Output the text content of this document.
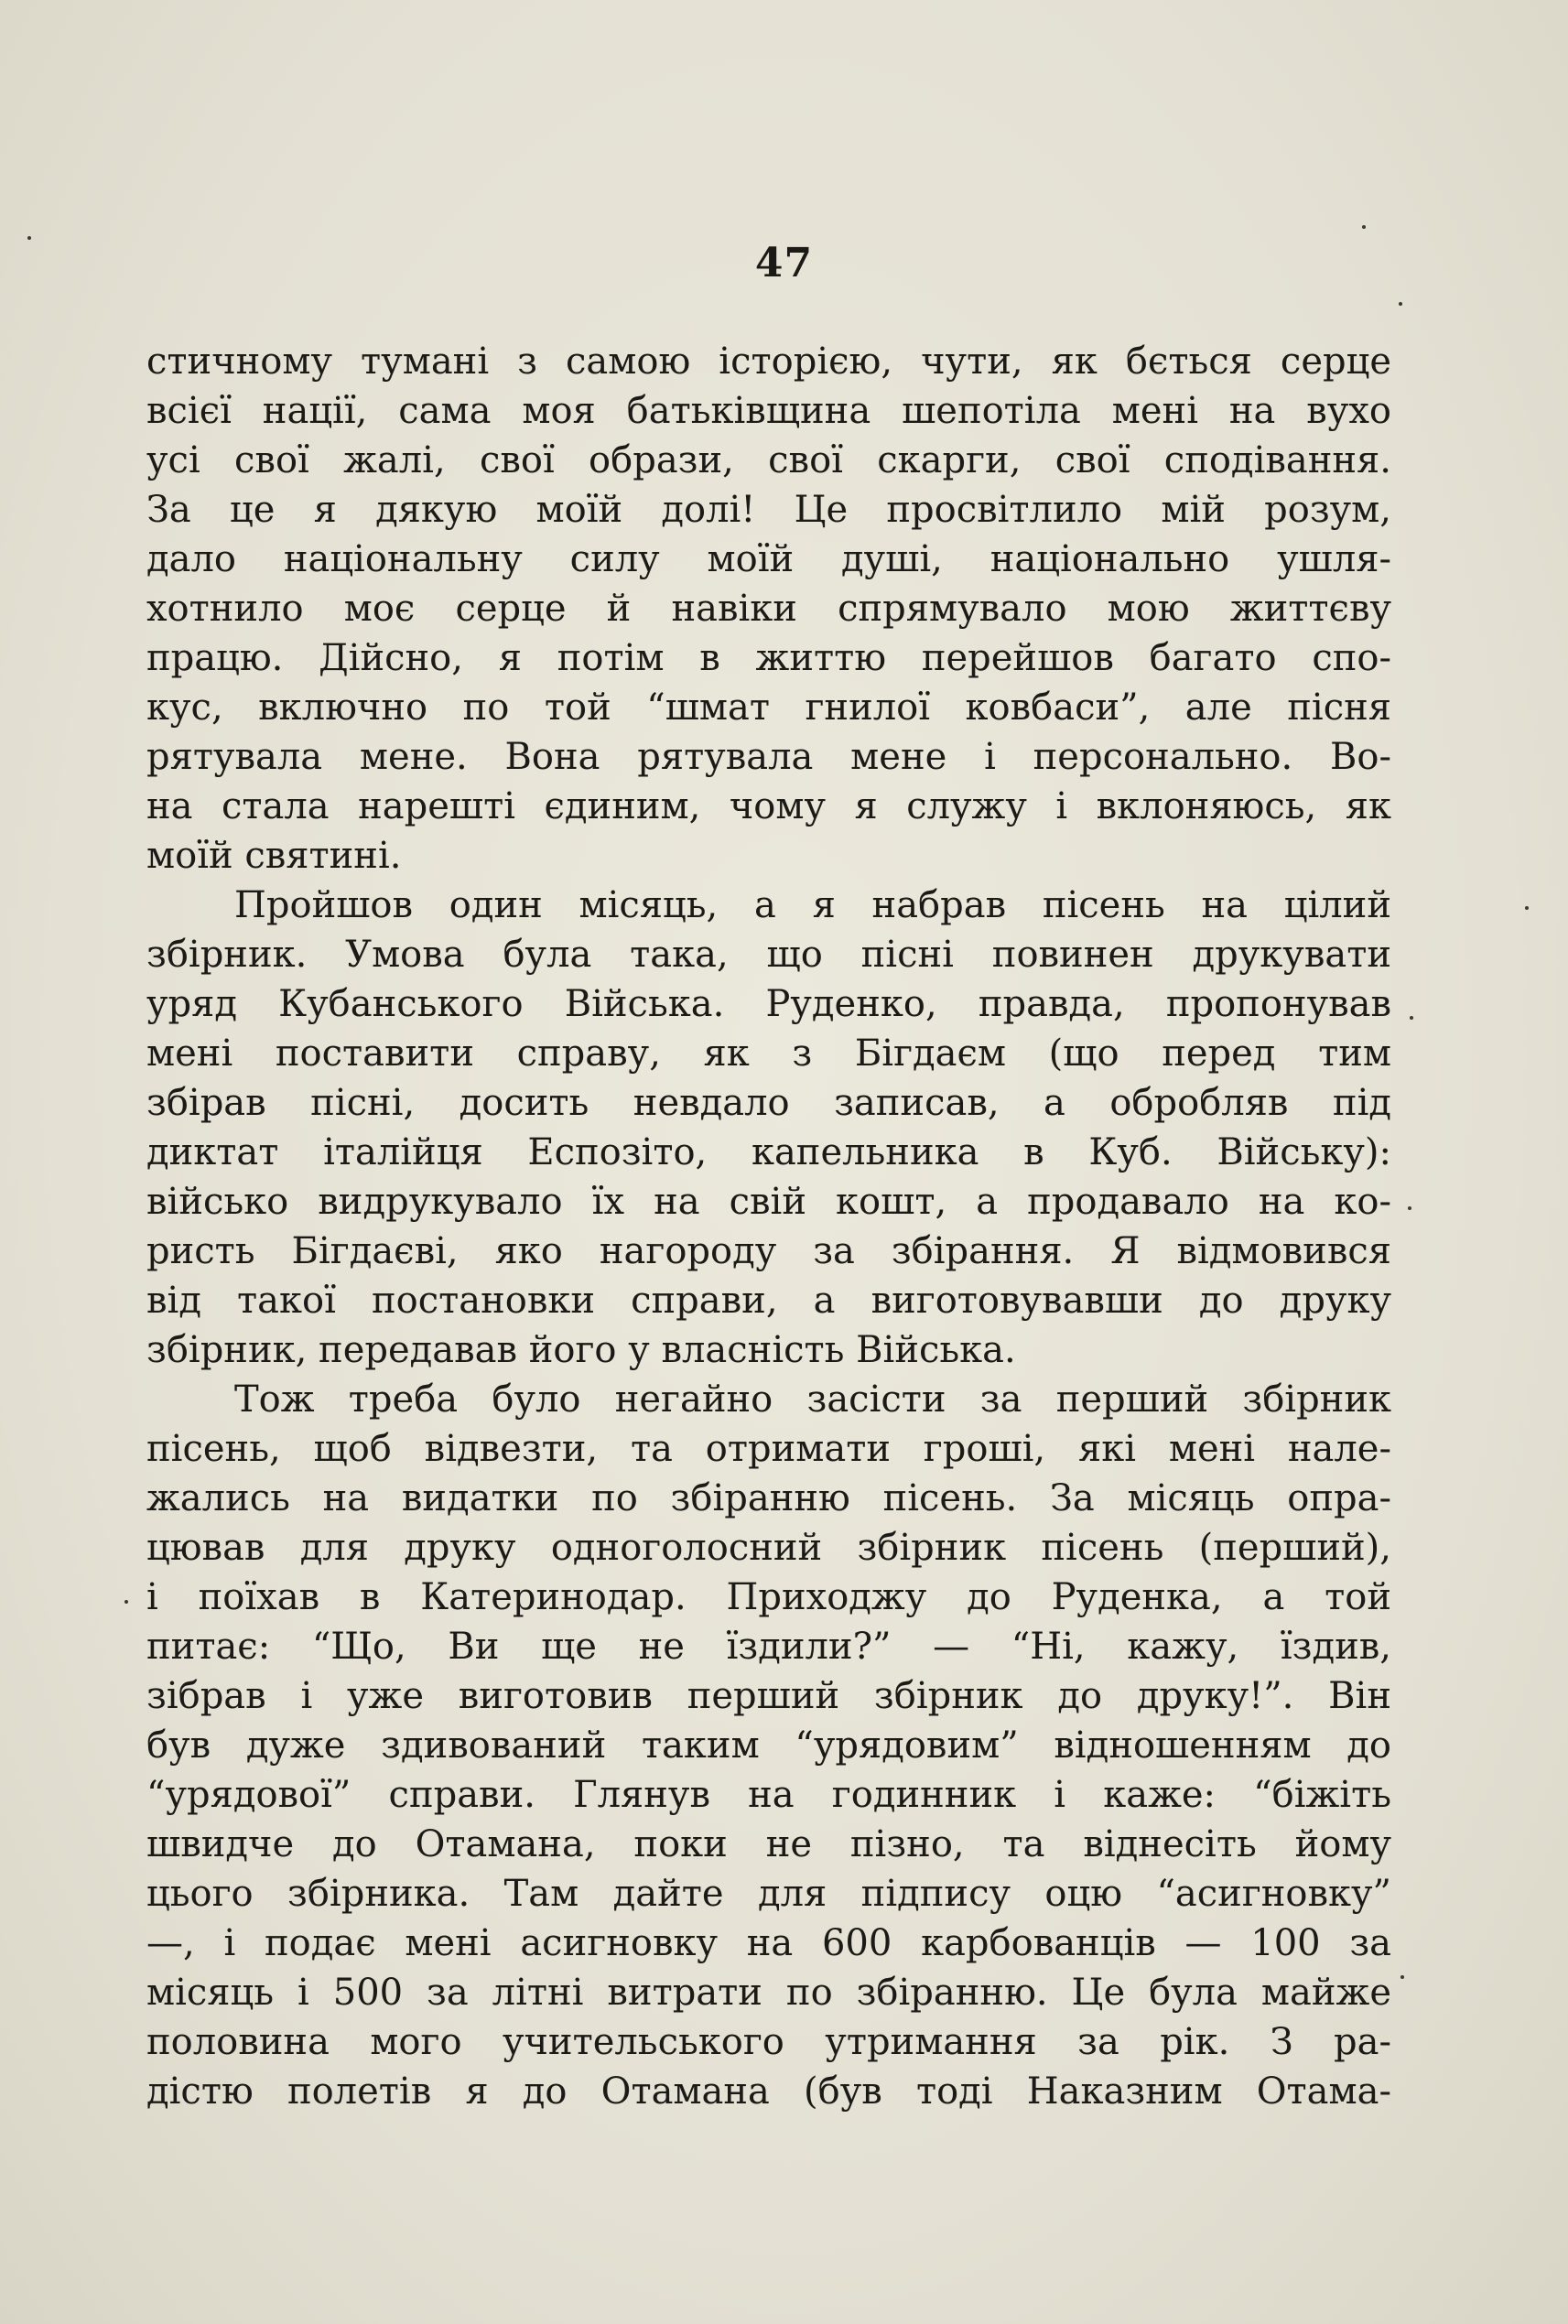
47
стичному тумані з самою історією, чути, як бється серце
всієї нації, сама моя батьківщина шепотіла мені на вухо
усі свої жалі, свої образи, свої скарги, свої сподівання.
За це я дякую моїй долі! Це просвітлило мій розум,
дало національну силу моїй душі, національно ушля-
хотнило моє серце й навіки спрямувало мою життєву
працю. Дійсно, я потім в життю перейшов багато спо-
кус, включно по той “шмат гнилої ковбаси”, але пісня
рятувала мене. Вона рятувала мене і персонально. Во-
на стала нарешті єдиним, чому я служу і вклоняюсь, як
моїй святині.
Пройшов один місяць, а я набрав пісень на цілий
збірник. Умова була така, що пісні повинен друкувати
уряд Кубанського Війська. Руденко, правда, пропонував
мені поставити справу, як з Бігдаєм (що перед тим
збірав пісні, досить невдало записав, а обробляв під
диктат італійця Еспозіто, капельника в Куб. Війську):
військо видрукувало їх на свій кошт, а продавало на ко-
ристь Бігдаєві, яко нагороду за збірання. Я відмовився
від такої постановки справи, а виготовувавши до друку
збірник, передавав його у власність Війська.
Тож треба було негайно засісти за перший збірник
пісень, щоб відвезти, та отримати гроші, які мені нале-
жались на видатки по збіранню пісень. За місяць опра-
цював для друку одноголосний збірник пісень (перший),
і поїхав в Катеринодар. Приходжу до Руденка, а той
питає: “Що, Ви ще не їздили?” — “Ні, кажу, їздив,
зібрав і уже виготовив перший збірник до друку!”. Він
був дуже здивований таким “урядовим” відношенням до
“урядової” справи. Глянув на годинник і каже: “біжіть
швидче до Отамана, поки не пізно, та віднесіть йому
цього збірника. Там дайте для підпису оцю “асигновку”
—, і подає мені асигновку на 600 карбованців — 100 за
місяць і 500 за літні витрати по збіранню. Це була майже
половина мого учительського утримання за рік. З ра-
дістю полетів я до Отамана (був тоді Наказним Отама-
